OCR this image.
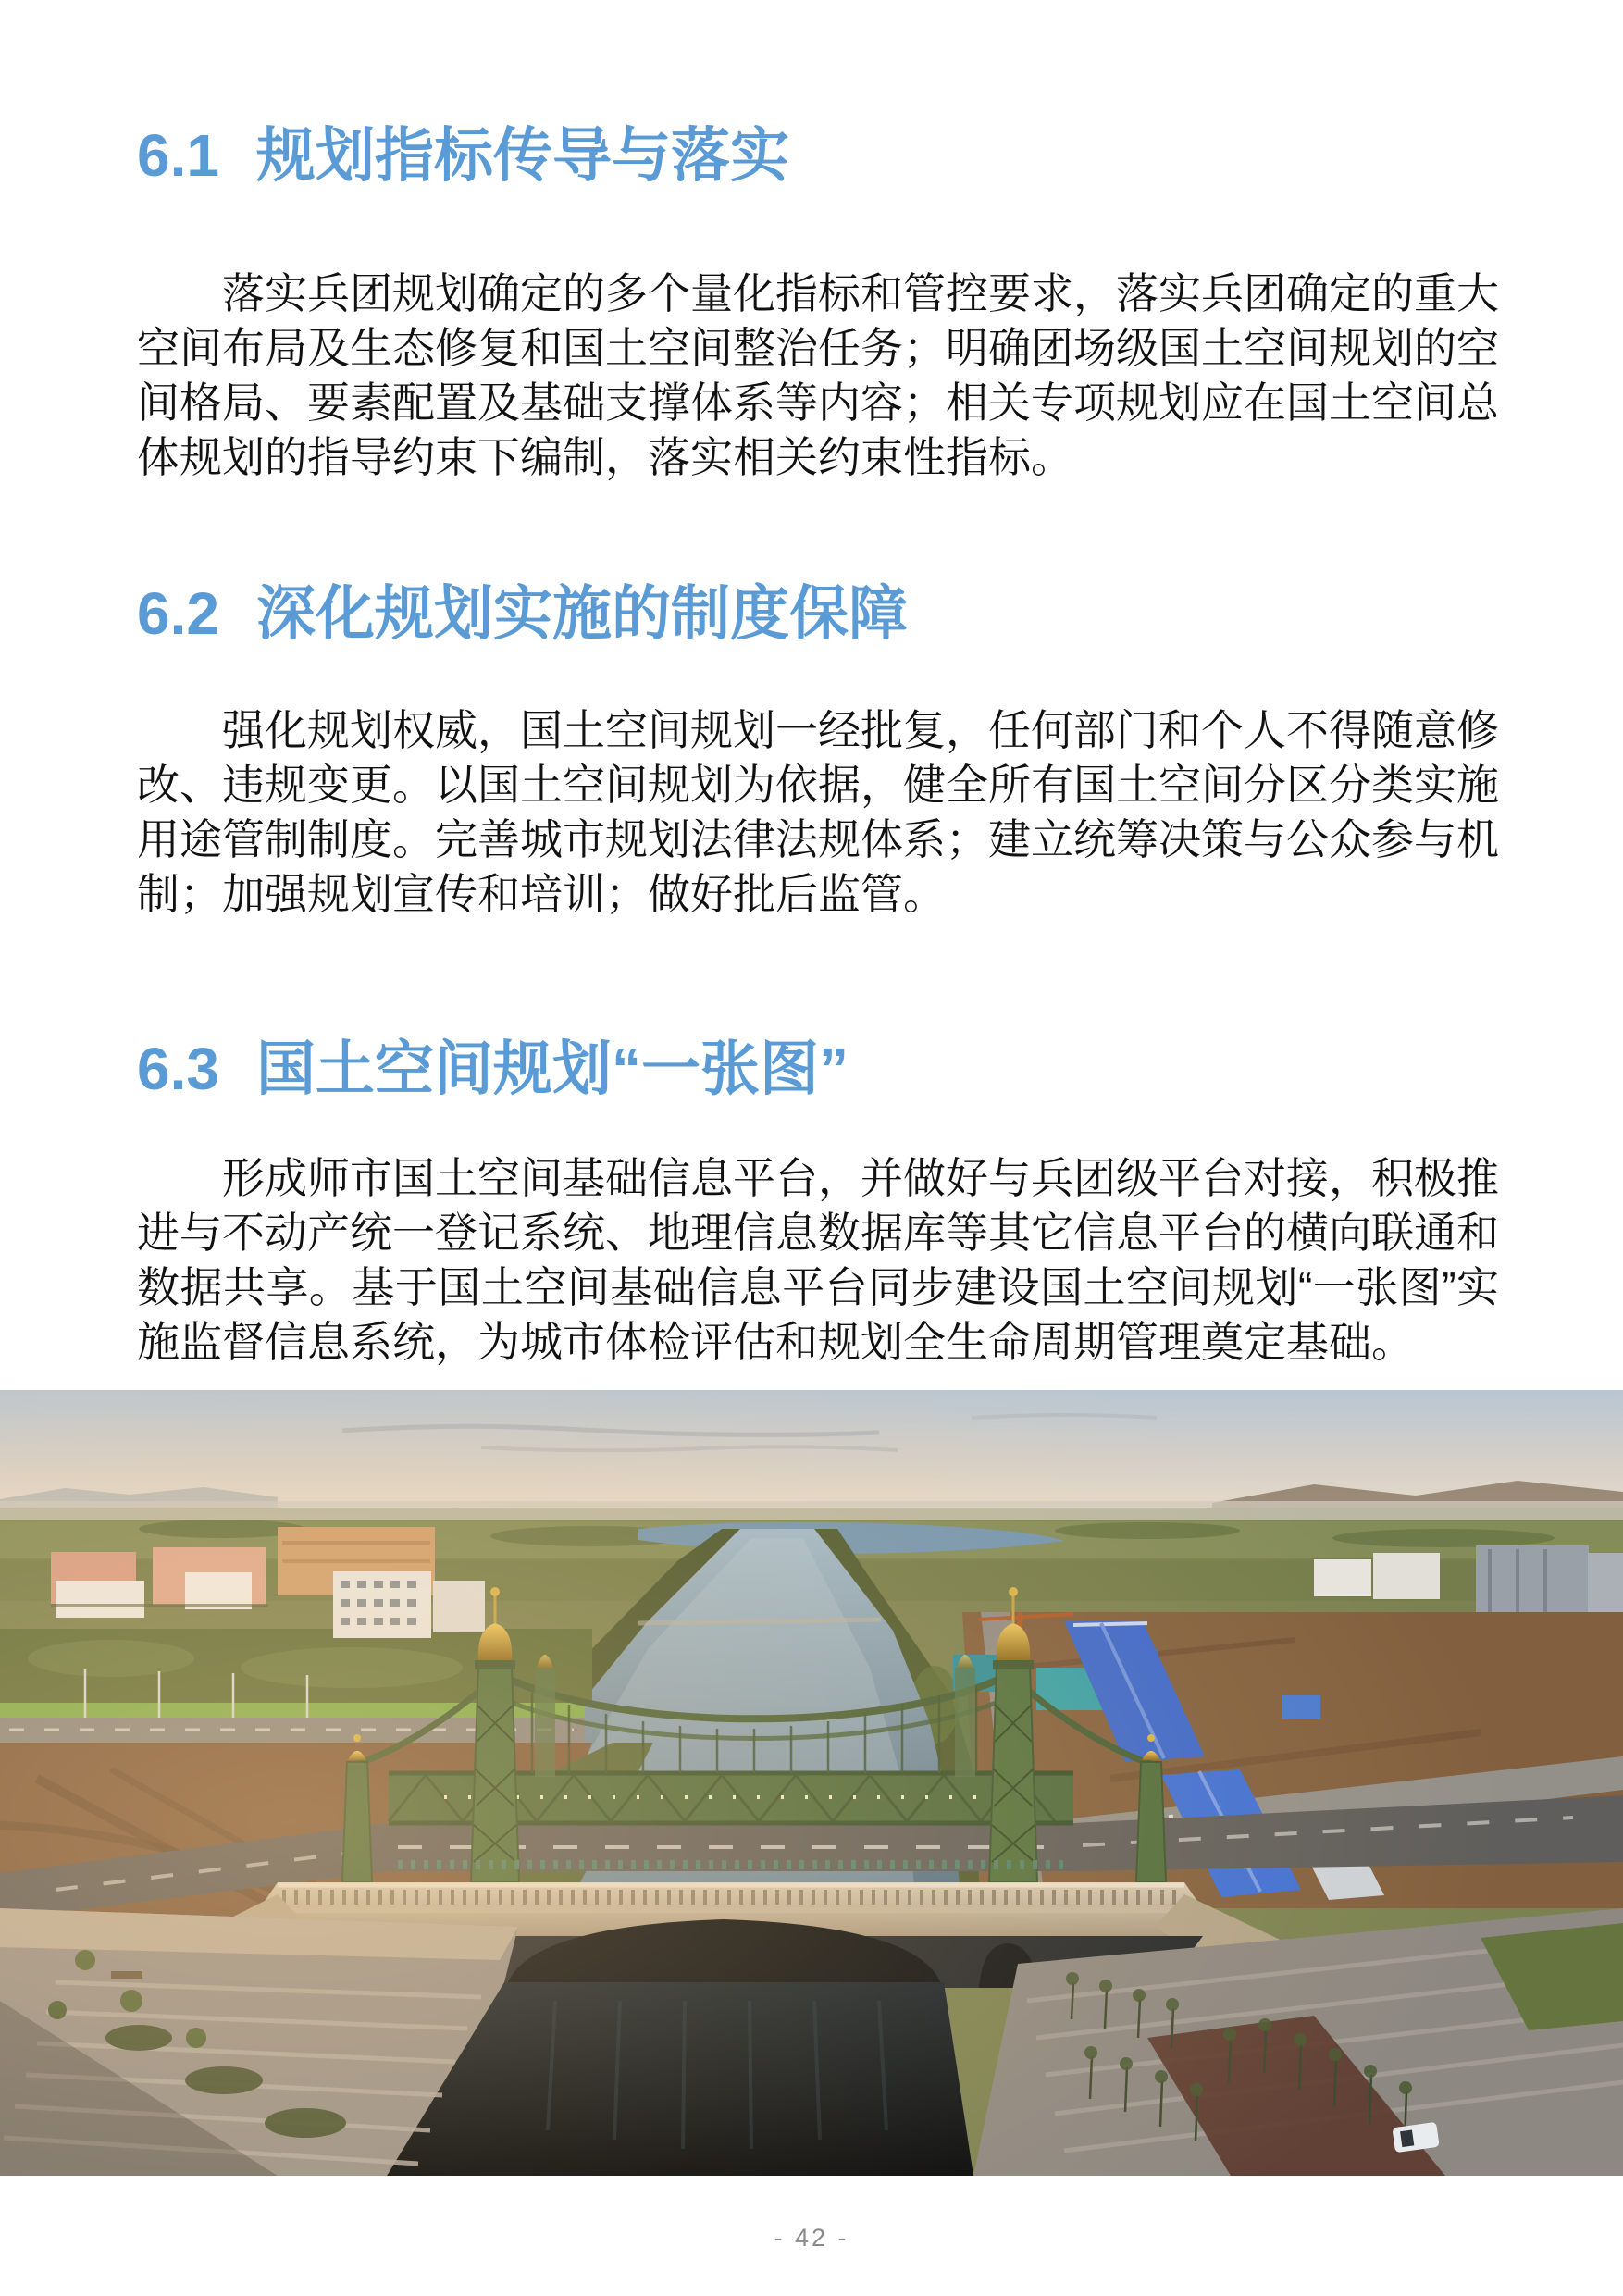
6.1 规划指标传导与落实

落实兵团规划确定的多个量化指标和管控要求，落实兵团确定的重大空间布局及生态修复和国土空间整治任务；明确团场级国土空间规划的空间格局、要素配置及基础支撑体系等内容；相关专项规划应在国土空间总体规划的指导约束下编制，落实相关约束性指标。

6.2 深化规划实施的制度保障

强化规划权威，国土空间规划一经批复，任何部门和个人不得随意修改、违规变更。以国土空间规划为依据，健全所有国土空间分区分类实施用途管制制度。完善城市规划法律法规体系；建立统筹决策与公众参与机制；加强规划宣传和培训；做好批后监管。

6.3 国土空间规划“一张图”

形成师市国土空间基础信息平台，并做好与兵团级平台对接，积极推进与不动产统一登记系统、地理信息数据库等其它信息平台的横向联通和数据共享。基于国土空间基础信息平台同步建设国土空间规划“一张图”实施监督信息系统，为城市体检评估和规划全生命周期管理奠定基础。

- 42 -
